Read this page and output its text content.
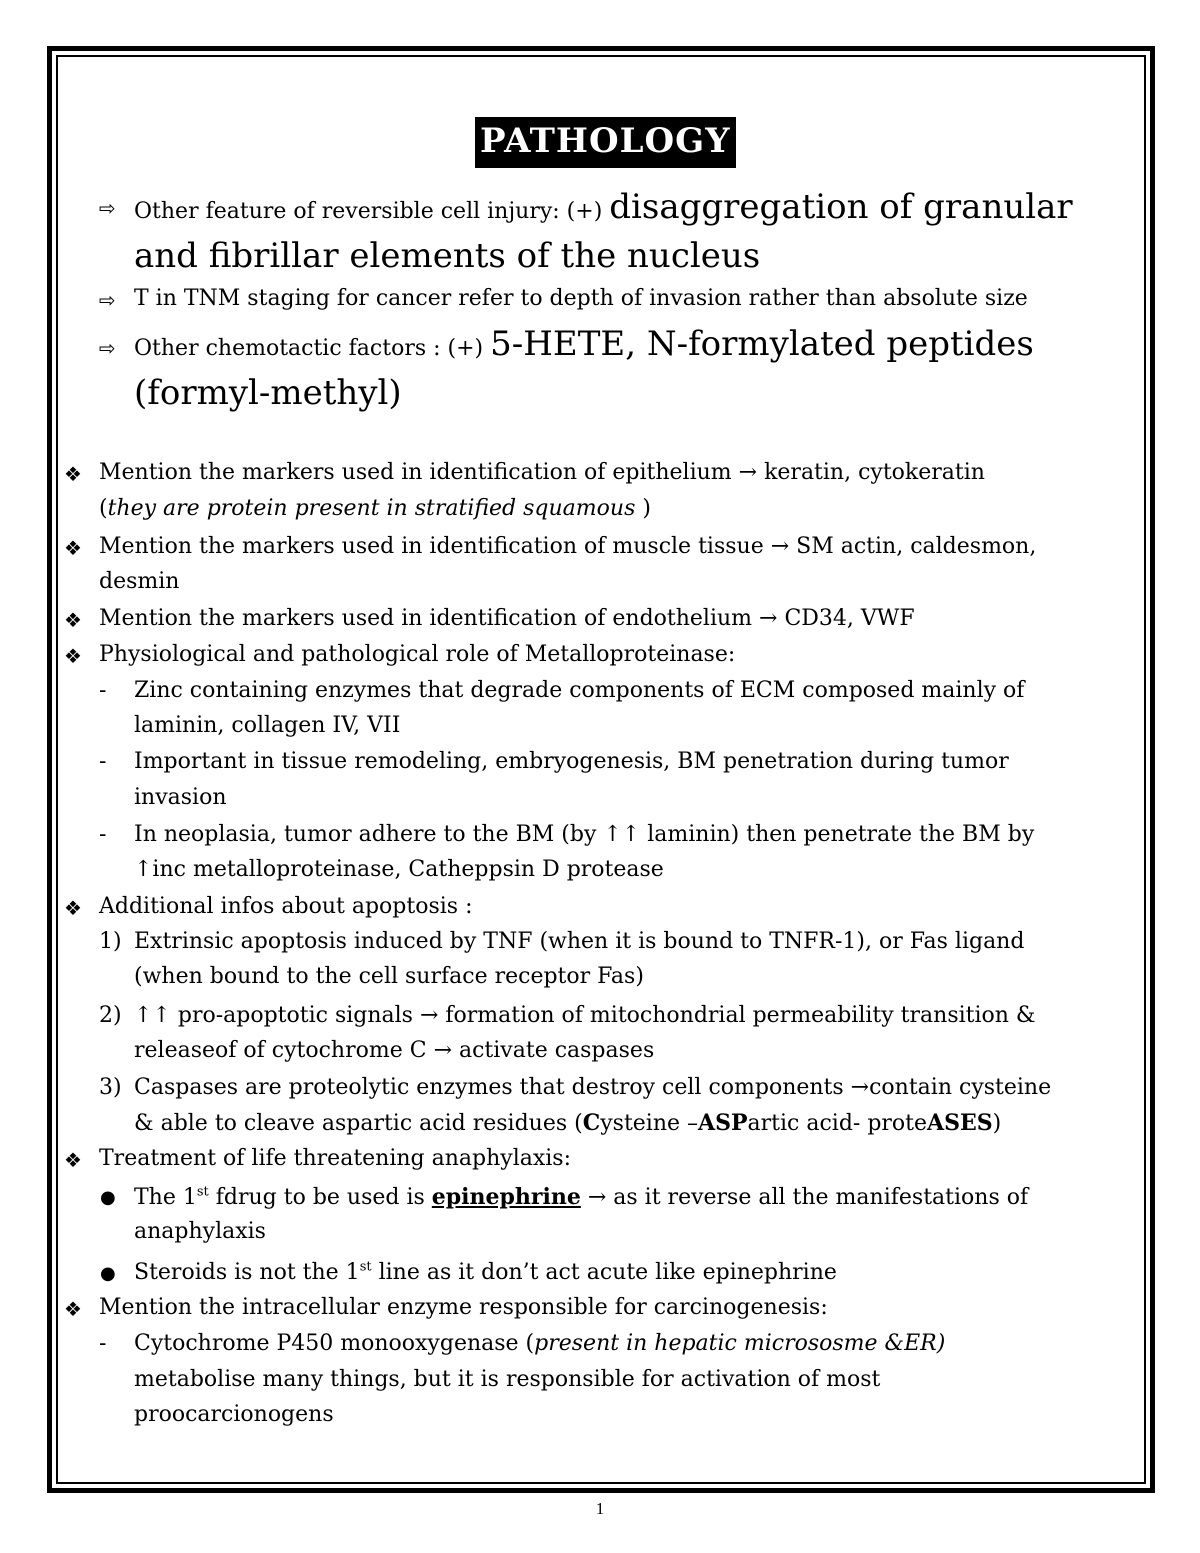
PATHOLOGY
⇨ Other feature of reversible cell injury: (+) disaggregation of granular
and fibrillar elements of the nucleus
⇨ T in TNM staging for cancer refer to depth of invasion rather than absolute size
⇨ Other chemotactic factors : (+) 5-HETE, N-formylated peptides
(formyl-methyl)
❖ Mention the markers used in identification of epithelium → keratin, cytokeratin
(they are protein present in stratified squamous )
❖ Mention the markers used in identification of muscle tissue → SM actin, caldesmon,
desmin
❖ Mention the markers used in identification of endothelium → CD34, VWF
❖ Physiological and pathological role of Metalloproteinase:
- Zinc containing enzymes that degrade components of ECM composed mainly of
laminin, collagen IV, VII
- Important in tissue remodeling, embryogenesis, BM penetration during tumor
invasion
- In neoplasia, tumor adhere to the BM (by ↑↑ laminin) then penetrate the BM by
↑inc metalloproteinase, Catheppsin D protease
❖ Additional infos about apoptosis :
1) Extrinsic apoptosis induced by TNF (when it is bound to TNFR-1), or Fas ligand
(when bound to the cell surface receptor Fas)
2) ↑↑ pro-apoptotic signals → formation of mitochondrial permeability transition &
releaseof of cytochrome C → activate caspases
3) Caspases are proteolytic enzymes that destroy cell components →contain cysteine
& able to cleave aspartic acid residues (Cysteine –ASPartic acid- proteASES)
❖ Treatment of life threatening anaphylaxis:
● The 1st fdrug to be used is epinephrine → as it reverse all the manifestations of
anaphylaxis
● Steroids is not the 1st line as it don’t act acute like epinephrine
❖ Mention the intracellular enzyme responsible for carcinogenesis:
- Cytochrome P450 monooxygenase (present in hepatic micrososme &ER)
metabolise many things, but it is responsible for activation of most
proocarcionogens
1
